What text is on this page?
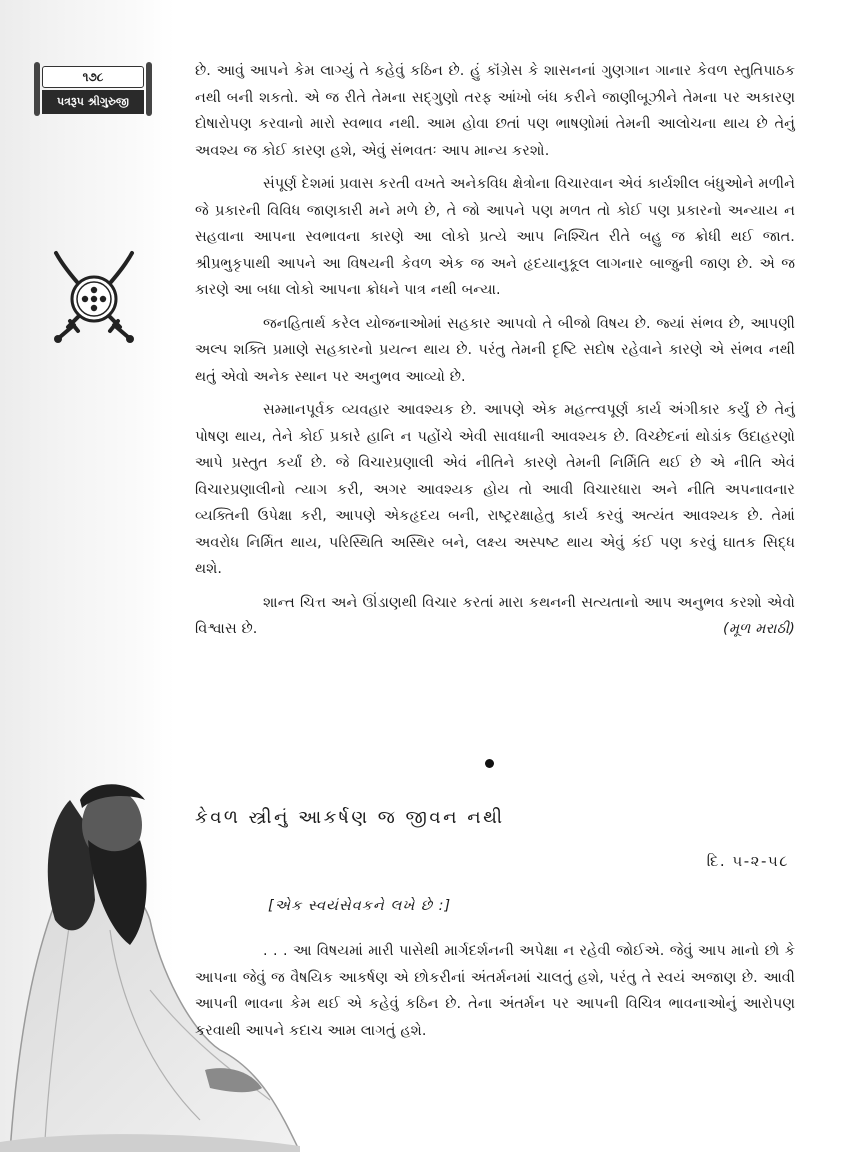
૧૭૮
પત્રરૂપ શ્રીગુરુજી

છે. આવું આપને કેમ લાગ્યું તે કહેવું કઠિન છે. હું કૉંગ્રેસ કે શાસનનાં ગુણગાન ગાનાર કેવળ સ્તુતિપાઠક નથી બની શકતો. એ જ રીતે તેમના સદ્‌ગુણો તરફ આંખો બંધ કરીને જાણીબૂઝીને તેમના પર અકારણ દોષારોપણ કરવાનો મારો સ્વભાવ નથી. આમ હોવા છતાં પણ ભાષણોમાં તેમની આલોચના થાય છે તેનું અવશ્ય જ કોઈ કારણ હશે, એવું સંભવતઃ આપ માન્ય કરશો.

સંપૂર્ણ દેશમાં પ્રવાસ કરતી વખતે અનેકવિધ ક્ષેત્રોના વિચારવાન એવં કાર્યશીલ બંધુઓને મળીને જે પ્રકારની વિવિધ જાણકારી મને મળે છે, તે જો આપને પણ મળત તો કોઈ પણ પ્રકારનો અન્યાય ન સહવાના આપના સ્વભાવના કારણે આ લોકો પ્રત્યે આપ નિશ્ચિત રીતે બહુ જ ક્રોધી થઈ જાત. શ્રીપ્રભુકૃપાથી આપને આ વિષયની કેવળ એક જ અને હૃદયાનુકૂલ લાગનાર બાજુની જાણ છે. એ જ કારણે આ બધા લોકો આપના ક્રોધને પાત્ર નથી બન્યા.

જનહિતાર્થ કરેલ યોજનાઓમાં સહકાર આપવો તે બીજો વિષય છે. જ્યાં સંભવ છે, આપણી અલ્પ શક્તિ પ્રમાણે સહકારનો પ્રયત્ન થાય છે. પરંતુ તેમની દૃષ્ટિ સદોષ રહેવાને કારણે એ સંભવ નથી થતું એવો અનેક સ્થાન પર અનુભવ આવ્યો છે.

સમ્માનપૂર્વક વ્યવહાર આવશ્યક છે. આપણે એક મહત્ત્વપૂર્ણ કાર્ય અંગીકાર કર્યું છે તેનું પોષણ થાય, તેને કોઈ પ્રકારે હાનિ ન પહોંચે એવી સાવધાની આવશ્યક છે. વિચ્છેદનાં થોડાંક ઉદાહરણો આપે પ્રસ્તુત કર્યાં છે. જે વિચારપ્રણાલી એવં નીતિને કારણે તેમની નિર્મિતિ થઈ છે એ નીતિ એવં વિચારપ્રણાલીનો ત્યાગ કરી, અગર આવશ્યક હોય તો આવી વિચારધારા અને નીતિ અપનાવનાર વ્યક્તિની ઉપેક્ષા કરી, આપણે એકહૃદય બની, રાષ્ટ્રરક્ષાહેતુ કાર્ય કરવું અત્યંત આવશ્યક છે. તેમાં અવરોધ નિર્મિત થાય, પરિસ્થિતિ અસ્થિર બને, લક્ષ્ય અસ્પષ્ટ થાય એવું કંઈ પણ કરવું ઘાતક સિદ્ધ થશે.

શાન્ત ચિત્ત અને ઊંડાણથી વિચાર કરતાં મારા કથનની સત્યતાનો આપ અનુભવ કરશો એવો વિશ્વાસ છે.	(મૂળ મરાઠી)

કેવળ સ્ત્રીનું આકર્ષણ જ જીવન નથી
દિ. ૫-૨-૫૮
[એક સ્વયંસેવકને લખે છે :]

. . . આ વિષયમાં મારી પાસેથી માર્ગદર્શનની અપેક્ષા ન રહેવી જોઈએ. જેવું આપ માનો છો કે આપના જેવું જ વૈષયિક આકર્ષણ એ છોકરીનાં અંતર્મનમાં ચાલતું હશે, પરંતુ તે સ્વયં અજાણ છે. આવી આપની ભાવના કેમ થઈ એ કહેવું કઠિન છે. તેના અંતર્મન પર આપની વિચિત્ર ભાવનાઓનું આરોપણ કરવાથી આપને કદાચ આમ લાગતું હશે.
